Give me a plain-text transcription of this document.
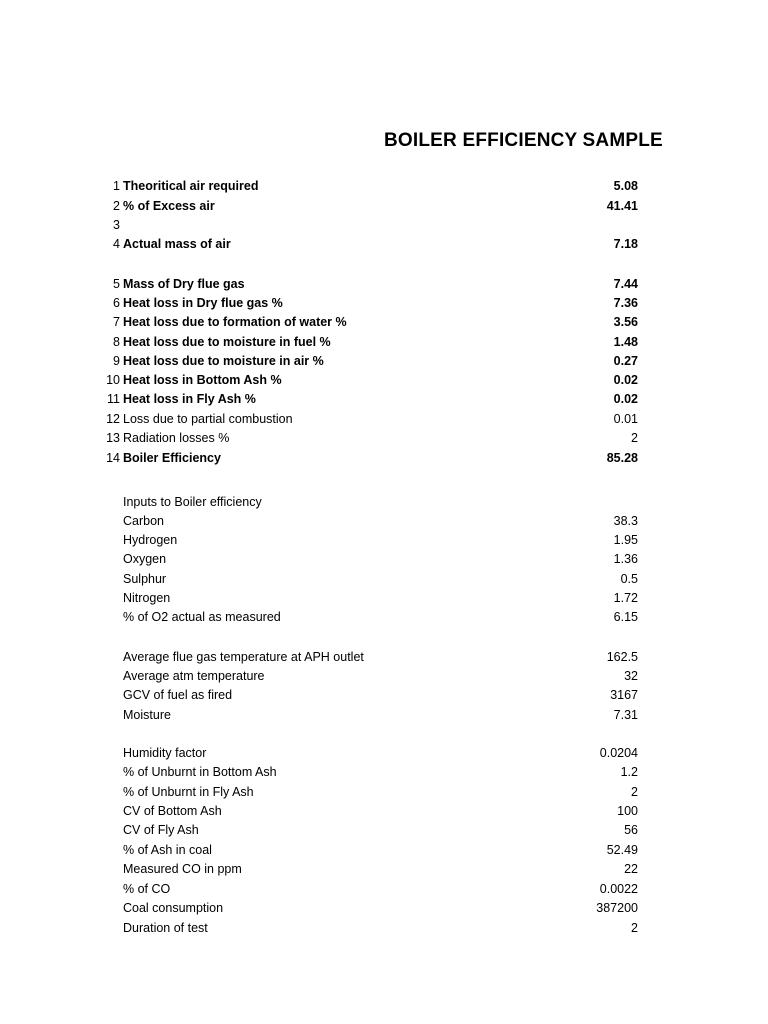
BOILER EFFICIENCY SAMPLE
1 Theoritical air required	5.08
2 % of Excess air	41.41
3
4 Actual mass of air	7.18
5 Mass of Dry flue gas	7.44
6 Heat loss in Dry flue gas %	7.36
7 Heat loss due to formation of water %	3.56
8 Heat loss due to moisture in fuel %	1.48
9 Heat loss due to moisture in air %	0.27
10 Heat loss in Bottom Ash %	0.02
11 Heat loss in Fly Ash %	0.02
12 Loss due to partial combustion	0.01
13 Radiation losses %	2
14 Boiler Efficiency	85.28
Inputs to Boiler efficiency
Carbon	38.3
Hydrogen	1.95
Oxygen	1.36
Sulphur	0.5
Nitrogen	1.72
% of O2 actual as measured	6.15
Average flue gas temperature at APH outlet	162.5
Average atm temperature	32
GCV of fuel as fired	3167
Moisture	7.31
Humidity factor	0.0204
% of Unburnt in Bottom Ash	1.2
% of Unburnt in Fly Ash	2
CV of Bottom Ash	100
CV of Fly Ash	56
% of Ash in coal	52.49
Measured CO in ppm	22
% of CO	0.0022
Coal consumption	387200
Duration of test	2
